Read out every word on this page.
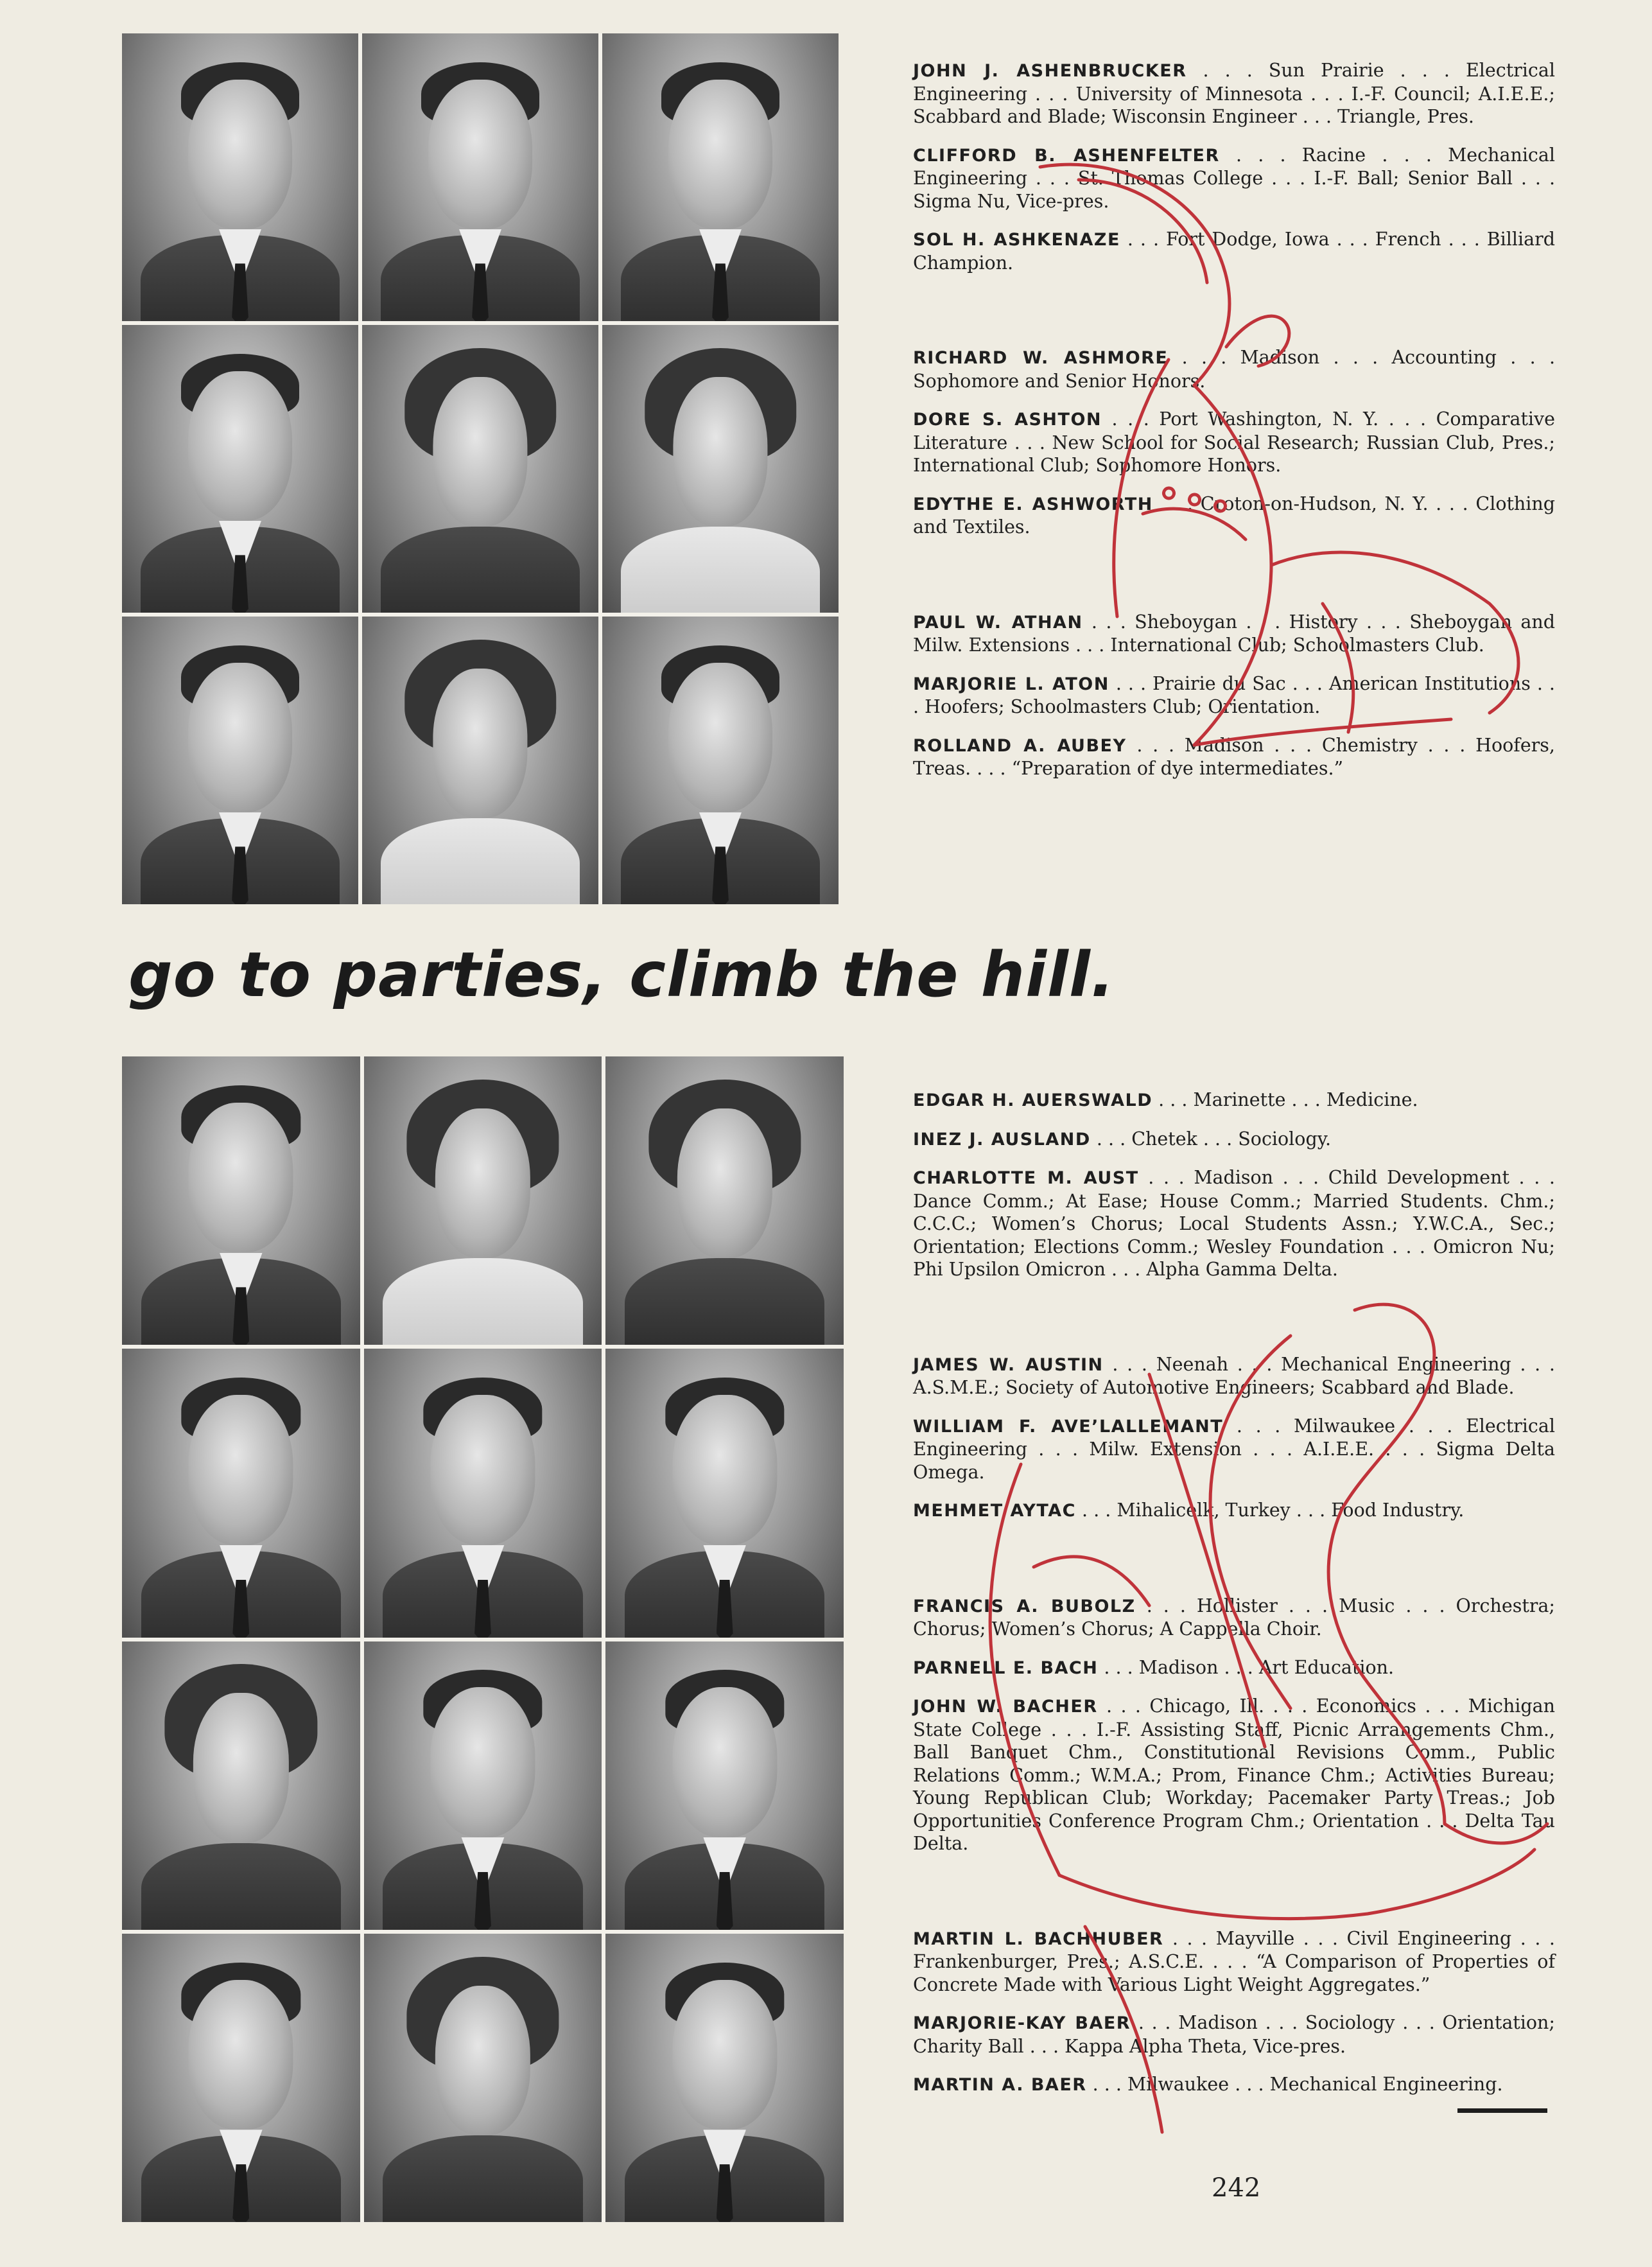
JOHN J. ASHENBRUCKER . . . Sun Prairie . . . Electrical Engineering . . . University of Minnesota . . . I.-F. Council; A.I.E.E.; Scabbard and Blade; Wisconsin Engineer . . . Triangle, Pres.

CLIFFORD B. ASHENFELTER . . . Racine . . . Mechanical Engineering . . . St. Thomas College . . . I.-F. Ball; Senior Ball . . . Sigma Nu, Vice-pres.

SOL H. ASHKENAZE . . . Fort Dodge, Iowa . . . French . . . Billiard Champion.

RICHARD W. ASHMORE . . . Madison . . . Accounting . . . Sophomore and Senior Honors.

DORE S. ASHTON . . . Port Washington, N. Y. . . . Comparative Literature . . . New School for Social Research; Russian Club, Pres.; International Club; Sophomore Honors.

EDYTHE E. ASHWORTH . . . Croton-on-Hudson, N. Y. . . . Clothing and Textiles.

PAUL W. ATHAN . . . Sheboygan . . . History . . . Sheboygan and Milw. Extensions . . . International Club; Schoolmasters Club.

MARJORIE L. ATON . . . Prairie du Sac . . . American Institutions . . . Hoofers; Schoolmasters Club; Orientation.

ROLLAND A. AUBEY . . . Madison . . . Chemistry . . . Hoofers, Treas. . . . “Preparation of dye intermediates.”

go to parties, climb the hill.

EDGAR H. AUERSWALD . . . Marinette . . . Medicine.

INEZ J. AUSLAND . . . Chetek . . . Sociology.

CHARLOTTE M. AUST . . . Madison . . . Child Development . . . Dance Comm.; At Ease; House Comm.; Married Students. Chm.; C.C.C.; Women’s Chorus; Local Students Assn.; Y.W.C.A., Sec.; Orientation; Elections Comm.; Wesley Foundation . . . Omicron Nu; Phi Upsilon Omicron . . . Alpha Gamma Delta.

JAMES W. AUSTIN . . . Neenah . . . Mechanical Engineering . . . A.S.M.E.; Society of Automotive Engineers; Scabbard and Blade.

WILLIAM F. AVE’LALLEMANT . . . Milwaukee . . . Electrical Engineering . . . Milw. Extension . . . A.I.E.E. . . . Sigma Delta Omega.

MEHMET AYTAC . . . Mihalicelk, Turkey . . . Food Industry.

FRANCIS A. BUBOLZ . . . Hollister . . . Music . . . Orchestra; Chorus; Women’s Chorus; A Cappella Choir.

PARNELL E. BACH . . . Madison . . . Art Education.

JOHN W. BACHER . . . Chicago, Ill. . . . Economics . . . Michigan State College . . . I.-F. Assisting Staff, Picnic Arrangements Chm., Ball Banquet Chm., Constitutional Revisions Comm., Public Relations Comm.; W.M.A.; Prom, Finance Chm.; Activities Bureau; Young Republican Club; Workday; Pacemaker Party Treas.; Job Opportunities Conference Program Chm.; Orientation . . . Delta Tau Delta.

MARTIN L. BACHHUBER . . . Mayville . . . Civil Engineering . . . Frankenburger, Pres.; A.S.C.E. . . . “A Comparison of Properties of Concrete Made with Various Light Weight Aggregates.”

MARJORIE-KAY BAER . . . Madison . . . Sociology . . . Orientation; Charity Ball . . . Kappa Alpha Theta, Vice-pres.

MARTIN A. BAER . . . Milwaukee . . . Mechanical Engineering.

242
